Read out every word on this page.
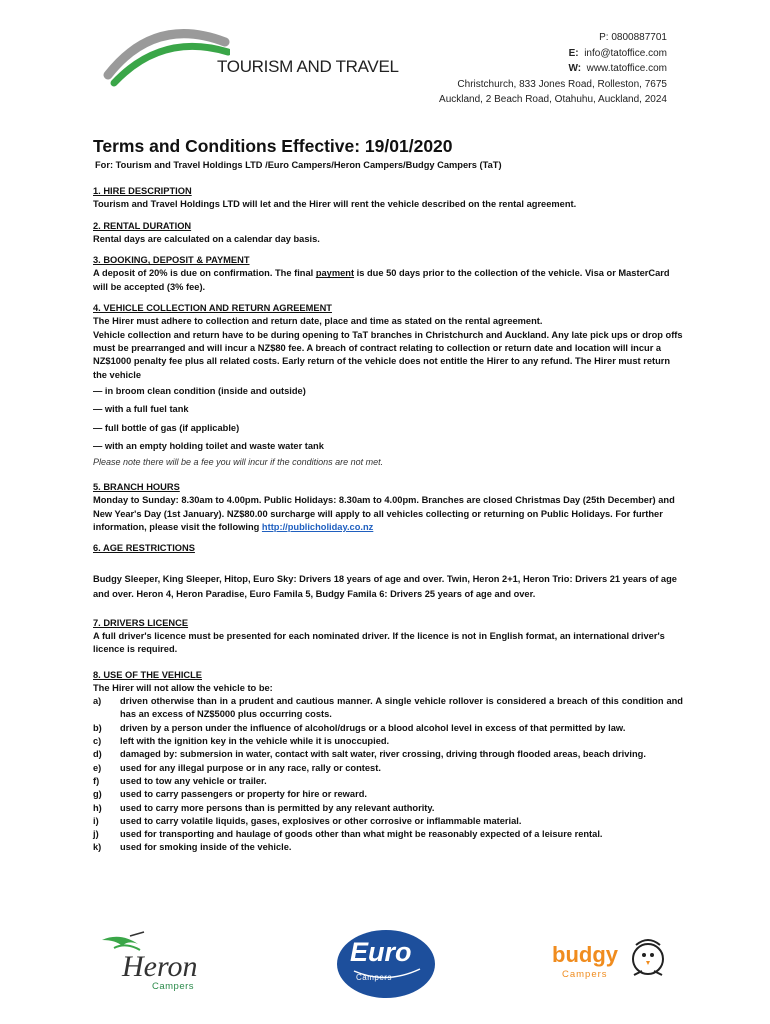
TOURISM AND TRAVEL
P: 0800887701
E: info@tatoffice.com
W: www.tatoffice.com
Christchurch, 833 Jones Road, Rolleston, 7675
Auckland, 2 Beach Road, Otahuhu, Auckland, 2024
Terms and Conditions Effective: 19/01/2020
For: Tourism and Travel Holdings LTD /Euro Campers/Heron Campers/Budgy Campers (TaT)
1. HIRE DESCRIPTION
Tourism and Travel Holdings LTD will let and the Hirer will rent the vehicle described on the rental agreement.
2. RENTAL DURATION
Rental days are calculated on a calendar day basis.
3. BOOKING, DEPOSIT & PAYMENT
A deposit of 20% is due on confirmation. The final payment is due 50 days prior to the collection of the vehicle. Visa or MasterCard will be accepted (3% fee).
4. VEHICLE COLLECTION AND RETURN AGREEMENT
The Hirer must adhere to collection and return date, place and time as stated on the rental agreement.
Vehicle collection and return have to be during opening to TaT branches in Christchurch and Auckland. Any late pick ups or drop offs must be prearranged and will incur a NZ$80 fee. A breach of contract relating to collection or return date and location will incur a NZ$1000 penalty fee plus all related costs. Early return of the vehicle does not entitle the Hirer to any refund. The Hirer must return the vehicle
— in broom clean condition (inside and outside)
— with a full fuel tank
— full bottle of gas (if applicable)
— with an empty holding toilet and waste water tank
Please note there will be a fee you will incur if the conditions are not met.
5. BRANCH HOURS
Monday to Sunday: 8.30am to 4.00pm. Public Holidays: 8.30am to 4.00pm. Branches are closed Christmas Day (25th December) and New Year's Day (1st January). NZ$80.00 surcharge will apply to all vehicles collecting or returning on Public Holidays. For further information, please visit the following http://publicholiday.co.nz
6. AGE RESTRICTIONS
Budgy Sleeper, King Sleeper, Hitop, Euro Sky: Drivers 18 years of age and over. Twin, Heron 2+1, Heron Trio: Drivers 21 years of age and over. Heron 4, Heron Paradise, Euro Famila 5, Budgy Famila 6: Drivers 25 years of age and over.
7. DRIVERS LICENCE
A full driver's licence must be presented for each nominated driver. If the licence is not in English format, an international driver's licence is required.
8. USE OF THE VEHICLE
The Hirer will not allow the vehicle to be:
a)	driven otherwise than in a prudent and cautious manner. A single vehicle rollover is considered a breach of this condition and has an excess of NZ$5000 plus occurring costs.
b)	driven by a person under the influence of alcohol/drugs or a blood alcohol level in excess of that permitted by law.
c)	left with the ignition key in the vehicle while it is unoccupied.
d)	damaged by: submersion in water, contact with salt water, river crossing, driving through flooded areas, beach driving.
e)	used for any illegal purpose or in any race, rally or contest.
f)	used to tow any vehicle or trailer.
g)	used to carry passengers or property for hire or reward.
h)	used to carry more persons than is permitted by any relevant authority.
i)	used to carry volatile liquids, gases, explosives or other corrosive or inflammable material.
j)	used for transporting and haulage of goods other than what might be reasonably expected of a leisure rental.
k)	used for smoking inside of the vehicle.
Heron
Campers
Euro
Campers
budgy
Campers
